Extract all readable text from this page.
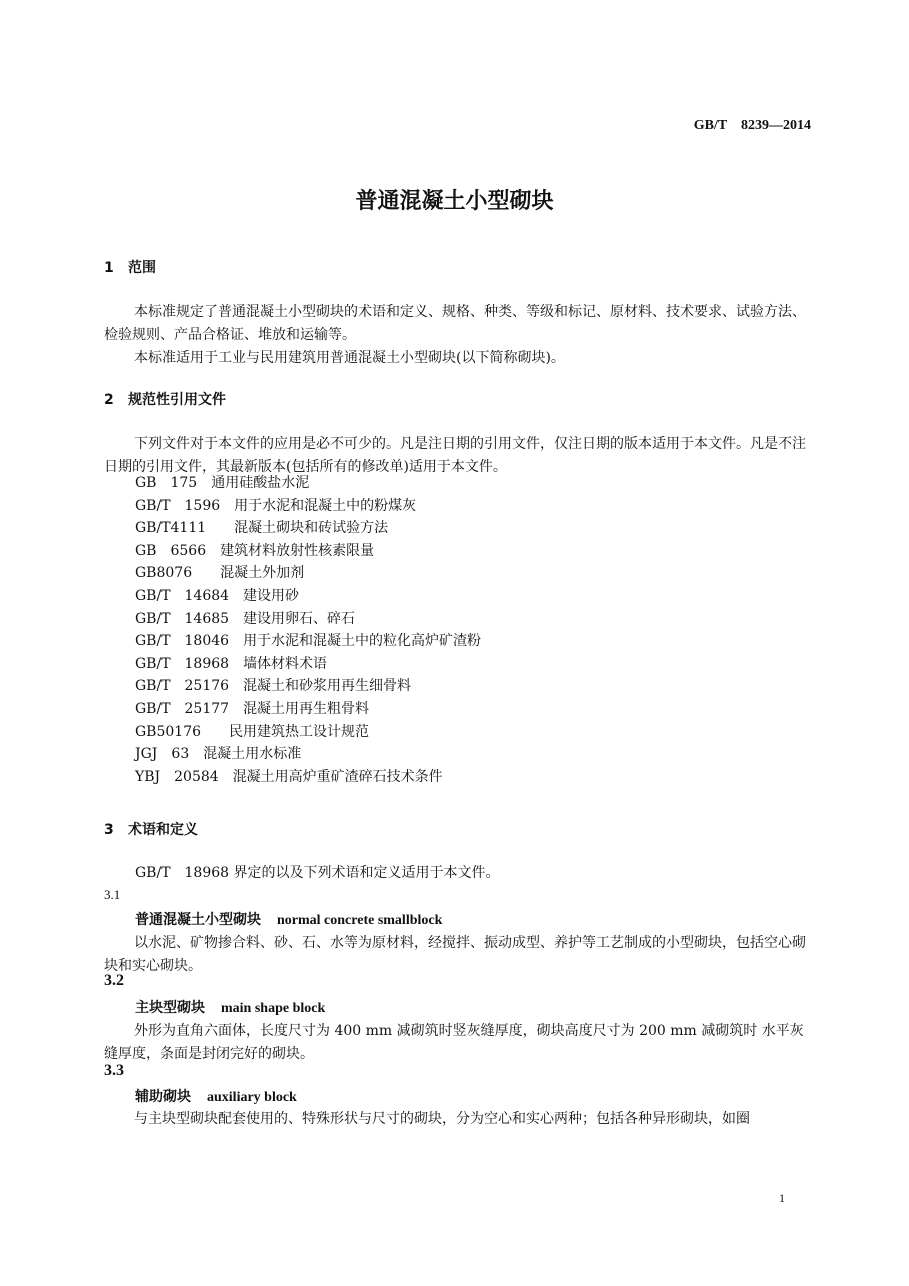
GB/T　8239—2014
普通混凝土小型砌块
1 范围

本标准规定了普通混凝土小型砌块的术语和定义、规格、种类、等级和标记、原材料、技术要求、试验方法、检验规则、产品合格证、堆放和运输等。

本标准适用于工业与民用建筑用普通混凝土小型砌块(以下简称砌块)。

2 规范性引用文件

下列文件对于本文件的应用是必不可少的。凡是注日期的引用文件，仅注日期的版本适用于本文件。凡是不注日期的引用文件，其最新版本(包括所有的修改单)适用于本文件。

GB　175 通用硅酸盐水泥
GB/T　1596 用于水泥和混凝土中的粉煤灰
GB/T4111　混凝土砌块和砖试验方法
GB　6566 建筑材料放射性核素限量
GB8076　混凝土外加剂
GB/T　14684 建设用砂
GB/T　14685 建设用卵石、碎石
GB/T　18046 用于水泥和混凝土中的粒化高炉矿渣粉
GB/T　18968 墙体材料术语
GB/T　25176 混凝土和砂浆用再生细骨料
GB/T　25177 混凝土用再生粗骨料
GB50176　民用建筑热工设计规范
JGJ　63 混凝土用水标准
YBJ　20584 混凝土用高炉重矿渣碎石技术条件
3 术语和定义
GB/T　18968 界定的以及下列术语和定义适用于本文件。
3.1
普通混凝土小型砌块 normal concrete smallblock

以水泥、矿物掺合料、砂、石、水等为原材料，经搅拌、振动成型、养护等工艺制成的小型砌块，包括空心砌块和实心砌块。

3.2
主块型砌块 main shape block

外形为直角六面体，长度尺寸为 400 mm 减砌筑时竖灰缝厚度，砌块高度尺寸为 200 mm 减砌筑时 水平灰缝厚度，条面是封闭完好的砌块。

3.3
辅助砌块 auxiliary block

与主块型砌块配套使用的、特殊形状与尺寸的砌块，分为空心和实心两种；包括各种异形砌块，如圈

1
